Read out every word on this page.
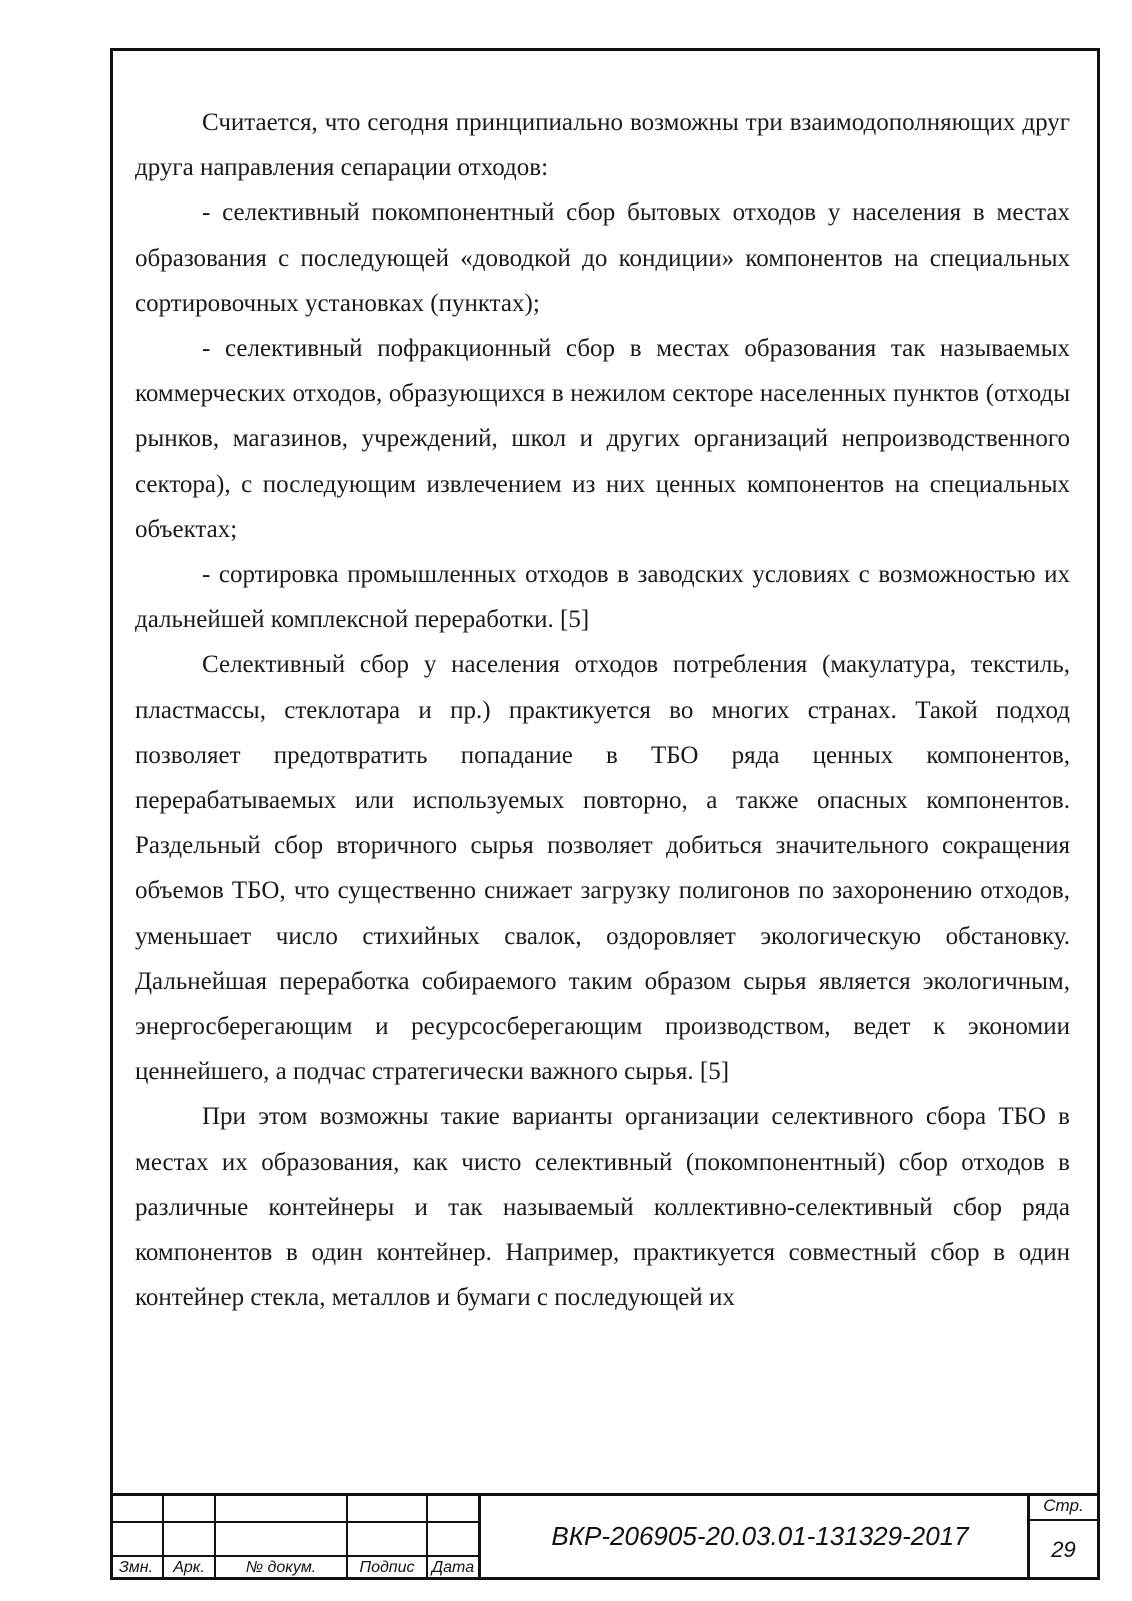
Считается, что сегодня принципиально возможны три взаимодополняющих друг друга направления сепарации отходов:

- селективный покомпонентный сбор бытовых отходов у населения в местах образования с последующей «доводкой до кондиции» компонентов на специальных сортировочных установках (пунктах);

- селективный пофракционный сбор в местах образования так называемых коммерческих отходов, образующихся в нежилом секторе населенных пунктов (отходы рынков, магазинов, учреждений, школ и других организаций непроизводственного сектора), с последующим извлечением из них ценных компонентов на специальных объектах;

- сортировка промышленных отходов в заводских условиях с возможностью их дальнейшей комплексной переработки. [5]

Селективный сбор у населения отходов потребления (макулатура, текстиль, пластмассы, стеклотара и пр.) практикуется во многих странах. Такой подход позволяет предотвратить попадание в ТБО ряда ценных компонентов, перерабатываемых или используемых повторно, а также опасных компонентов. Раздельный сбор вторичного сырья позволяет добиться значительного сокращения объемов ТБО, что существенно снижает загрузку полигонов по захоронению отходов, уменьшает число стихийных свалок, оздоровляет экологическую обстановку. Дальнейшая переработка собираемого таким образом сырья является экологичным, энергосберегающим и ресурсосберегающим производством, ведет к экономии ценнейшего, а подчас стратегически важного сырья. [5]

При этом возможны такие варианты организации селективного сбора ТБО в местах их образования, как чисто селективный (покомпонентный) сбор отходов в различные контейнеры и так называемый коллективно-селективный сбор ряда компонентов в один контейнер. Например, практикуется совместный сбор в один контейнер стекла, металлов и бумаги с последующей их

Змн.	Арк.	№ докум.	Подпис	Дата
ВКР-206905-20.03.01-131329-2017
Стр.
29
